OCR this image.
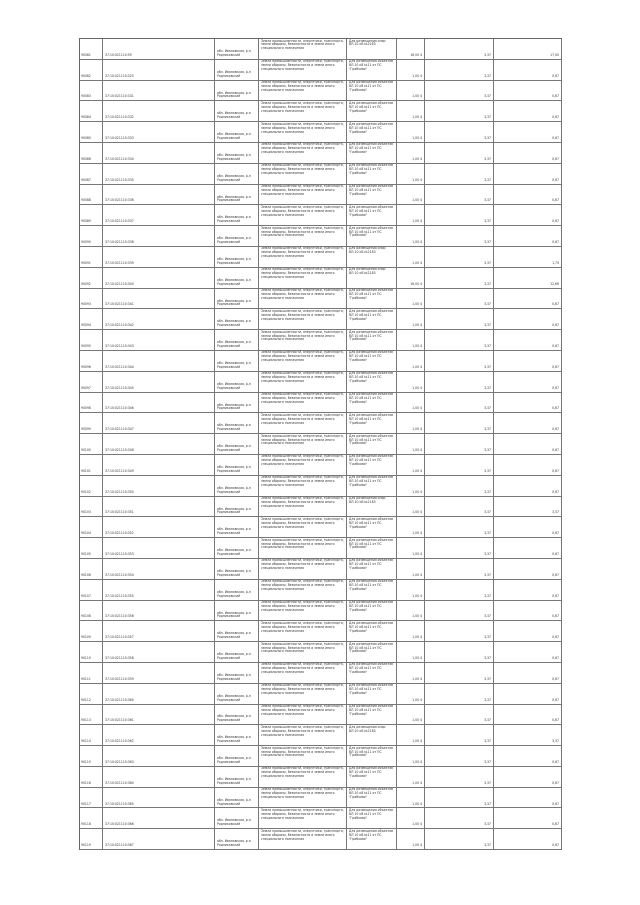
90081	37:10:021110:59
обл. Ивановская, р-н Родниковский
Земли промышленности, энергетики, транспорта, земли обороны, безопасности и земли иного специального назначения
Для размещения опор ВЛ-10 кВ №2183
16,00 4	3,37	17,00
90082	37:10:021110:325
обл. Ивановская, р-н Родниковский
Земли промышленности, энергетики, транспорта, земли обороны, безопасности и земли иного специального назначения
Для размещения объектов ВЛ 10 кВ №11 от ПС "Грибково"
1,00 4	3,37	0,67
90083	37:10:021110:331
обл. Ивановская, р-н Родниковский
Земли промышленности, энергетики, транспорта, земли обороны, безопасности и земли иного специального назначения
Для размещения объектов ВЛ 10 кВ №11 от ПС "Грибково"
1,00 4	3,37	0,67
90084	37:10:021110:332
обл. Ивановская, р-н Родниковский
Земли промышленности, энергетики, транспорта, земли обороны, безопасности и земли иного специального назначения
Для размещения объектов ВЛ 10 кВ №11 от ПС "Грибково"
1,00 4	3,37	0,67
90085	37:10:021110:333
обл. Ивановская, р-н Родниковский
Земли промышленности, энергетики, транспорта, земли обороны, безопасности и земли иного специального назначения
Для размещения объектов ВЛ 10 кВ №11 от ПС "Грибково"
1,00 4	3,37	0,67
90086	37:10:021110:334
обл. Ивановская, р-н Родниковский
Земли промышленности, энергетики, транспорта, земли обороны, безопасности и земли иного специального назначения
Для размещения объектов ВЛ 10 кВ №11 от ПС "Грибково"
1,00 4	3,37	0,67
90087	37:10:021110:335
обл. Ивановская, р-н Родниковский
Земли промышленности, энергетики, транспорта, земли обороны, безопасности и земли иного специального назначения
Для размещения объектов ВЛ 10 кВ №11 от ПС "Грибково"
1,00 4	3,37	0,67
90088	37:10:021110:336
обл. Ивановская, р-н Родниковский
Земли промышленности, энергетики, транспорта, земли обороны, безопасности и земли иного специального назначения
Для размещения объектов ВЛ 10 кВ №11 от ПС "Грибково"
1,00 4	3,37	0,67
90089	37:10:021110:337
обл. Ивановская, р-н Родниковский
Земли промышленности, энергетики, транспорта, земли обороны, безопасности и земли иного специального назначения
Для размещения объектов ВЛ 10 кВ №11 от ПС "Грибково"
1,00 4	3,37	0,67
90090	37:10:021110:338
обл. Ивановская, р-н Родниковский
Земли промышленности, энергетики, транспорта, земли обороны, безопасности и земли иного специального назначения
Для размещения объектов ВЛ 10 кВ №11 от ПС "Грибково"
1,00 4	3,37	0,67
90091	37:10:021110:339
обл. Ивановская, р-н Родниковский
Земли промышленности, энергетики, транспорта, земли обороны, безопасности и земли иного специального назначения
Для размещения опор ВЛ-10 кВ №2183
1,00 4	3,37	1,74
90092	37:10:021110:340
обл. Ивановская, р-н Родниковский
Земли промышленности, энергетики, транспорта, земли обороны, безопасности и земли иного специального назначения
Для размещения опор ВЛ-10 кВ №2183
16,00 4	3,37	12,66
90093	37:10:021110:341
обл. Ивановская, р-н Родниковский
Земли промышленности, энергетики, транспорта, земли обороны, безопасности и земли иного специального назначения
Для размещения объектов ВЛ 10 кВ №11 от ПС "Грибково"
1,00 4	3,37	0,67
90094	37:10:021110:342
обл. Ивановская, р-н Родниковский
Земли промышленности, энергетики, транспорта, земли обороны, безопасности и земли иного специального назначения
Для размещения объектов ВЛ 10 кВ №11 от ПС "Грибково"
1,00 4	3,37	0,67
90095	37:10:021110:343
обл. Ивановская, р-н Родниковский
Земли промышленности, энергетики, транспорта, земли обороны, безопасности и земли иного специального назначения
Для размещения объектов ВЛ 10 кВ №11 от ПС "Грибково"
1,00 4	3,37	0,67
90096	37:10:021110:344
обл. Ивановская, р-н Родниковский
Земли промышленности, энергетики, транспорта, земли обороны, безопасности и земли иного специального назначения
Для размещения объектов ВЛ 10 кВ №11 от ПС "Грибково"
1,00 4	3,37	0,67
90097	37:10:021110:345
обл. Ивановская, р-н Родниковский
Земли промышленности, энергетики, транспорта, земли обороны, безопасности и земли иного специального назначения
Для размещения объектов ВЛ 10 кВ №11 от ПС "Грибково"
1,00 4	3,37	0,67
90098	37:10:021110:346
обл. Ивановская, р-н Родниковский
Земли промышленности, энергетики, транспорта, земли обороны, безопасности и земли иного специального назначения
Для размещения объектов ВЛ 10 кВ №11 от ПС "Грибково"
1,00 4	3,37	0,67
90099	37:10:021110:347
обл. Ивановская, р-н Родниковский
Земли промышленности, энергетики, транспорта, земли обороны, безопасности и земли иного специального назначения
Для размещения объектов ВЛ 10 кВ №11 от ПС "Грибково"
1,00 4	3,37	0,67
90100	37:10:021110:348
обл. Ивановская, р-н Родниковский
Земли промышленности, энергетики, транспорта, земли обороны, безопасности и земли иного специального назначения
Для размещения объектов ВЛ 10 кВ №11 от ПС "Грибково"
1,00 4	3,37	0,67
90101	37:10:021110:349
обл. Ивановская, р-н Родниковский
Земли промышленности, энергетики, транспорта, земли обороны, безопасности и земли иного специального назначения
Для размещения объектов ВЛ 10 кВ №11 от ПС "Грибково"
1,00 4	3,37	0,67
90102	37:10:021110:350
обл. Ивановская, р-н Родниковский
Земли промышленности, энергетики, транспорта, земли обороны, безопасности и земли иного специального назначения
Для размещения объектов ВЛ 10 кВ №11 от ПС "Грибково"
1,00 4	3,37	0,67
90103	37:10:021110:351
обл. Ивановская, р-н Родниковский
Земли промышленности, энергетики, транспорта, земли обороны, безопасности и земли иного специального назначения
Для размещения опор ВЛ-10 кВ №2183
1,00 4	3,37	3,37
90104	37:10:021110:352
обл. Ивановская, р-н Родниковский
Земли промышленности, энергетики, транспорта, земли обороны, безопасности и земли иного специального назначения
Для размещения объектов ВЛ 10 кВ №11 от ПС "Грибково"
1,00 4	3,37	0,67
90105	37:10:021110:353
обл. Ивановская, р-н Родниковский
Земли промышленности, энергетики, транспорта, земли обороны, безопасности и земли иного специального назначения
Для размещения объектов ВЛ 10 кВ №11 от ПС "Грибково"
1,00 4	3,37	0,67
90106	37:10:021110:354
обл. Ивановская, р-н Родниковский
Земли промышленности, энергетики, транспорта, земли обороны, безопасности и земли иного специального назначения
Для размещения объектов ВЛ 10 кВ №11 от ПС "Грибково"
1,00 4	3,37	0,67
90107	37:10:021110:355
обл. Ивановская, р-н Родниковский
Земли промышленности, энергетики, транспорта, земли обороны, безопасности и земли иного специального назначения
Для размещения объектов ВЛ 10 кВ №11 от ПС "Грибково"
1,00 4	3,37	0,67
90108	37:10:021110:356
обл. Ивановская, р-н Родниковский
Земли промышленности, энергетики, транспорта, земли обороны, безопасности и земли иного специального назначения
Для размещения объектов ВЛ 10 кВ №11 от ПС "Грибково"
1,00 4	3,37	0,67
90109	37:10:021110:357
обл. Ивановская, р-н Родниковский
Земли промышленности, энергетики, транспорта, земли обороны, безопасности и земли иного специального назначения
Для размещения объектов ВЛ 10 кВ №11 от ПС "Грибково"
1,00 4	3,37	0,67
90110	37:10:021110:358
обл. Ивановская, р-н Родниковский
Земли промышленности, энергетики, транспорта, земли обороны, безопасности и земли иного специального назначения
Для размещения объектов ВЛ 10 кВ №11 от ПС "Грибково"
1,00 4	3,37	0,67
90111	37:10:021110:359
обл. Ивановская, р-н Родниковский
Земли промышленности, энергетики, транспорта, земли обороны, безопасности и земли иного специального назначения
Для размещения объектов ВЛ 10 кВ №11 от ПС "Грибково"
1,00 4	3,37	0,67
90112	37:10:021110:360
обл. Ивановская, р-н Родниковский
Земли промышленности, энергетики, транспорта, земли обороны, безопасности и земли иного специального назначения
Для размещения объектов ВЛ 10 кВ №11 от ПС "Грибково"
1,00 4	3,37	0,67
90113	37:10:021110:361
обл. Ивановская, р-н Родниковский
Земли промышленности, энергетики, транспорта, земли обороны, безопасности и земли иного специального назначения
Для размещения объектов ВЛ 10 кВ №11 от ПС "Грибково"
1,00 4	3,37	0,67
90114	37:10:021110:362
обл. Ивановская, р-н Родниковский
Земли промышленности, энергетики, транспорта, земли обороны, безопасности и земли иного специального назначения
Для размещения опор ВЛ-10 кВ №2183
1,00 4	3,37	3,37
90115	37:10:021110:363
обл. Ивановская, р-н Родниковский
Земли промышленности, энергетики, транспорта, земли обороны, безопасности и земли иного специального назначения
Для размещения объектов ВЛ 10 кВ №11 от ПС "Грибково"
1,00 4	3,37	0,67
90116	37:10:021110:364
обл. Ивановская, р-н Родниковский
Земли промышленности, энергетики, транспорта, земли обороны, безопасности и земли иного специального назначения
Для размещения объектов ВЛ 10 кВ №11 от ПС "Грибково"
1,00 4	3,37	0,67
90117	37:10:021110:365
обл. Ивановская, р-н Родниковский
Земли промышленности, энергетики, транспорта, земли обороны, безопасности и земли иного специального назначения
Для размещения объектов ВЛ 10 кВ №11 от ПС "Грибково"
1,00 4	3,37	0,67
90118	37:10:021110:366
обл. Ивановская, р-н Родниковский
Земли промышленности, энергетики, транспорта, земли обороны, безопасности и земли иного специального назначения
Для размещения объектов ВЛ 10 кВ №11 от ПС "Грибково"
1,00 4	3,37	0,67
90119	37:10:021110:367
обл. Ивановская, р-н Родниковский
Земли промышленности, энергетики, транспорта, земли обороны, безопасности и земли иного специального назначения
Для размещения объектов ВЛ 10 кВ №11 от ПС "Грибково"
1,00 4	3,37	0,67
